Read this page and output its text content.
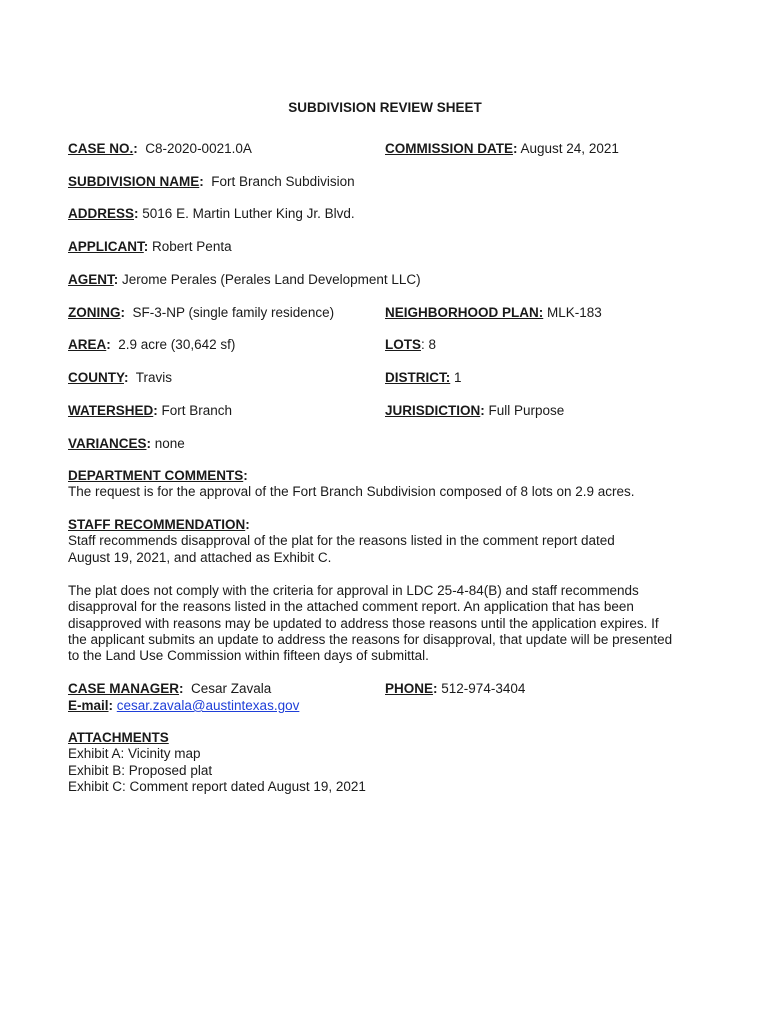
SUBDIVISION REVIEW SHEET
CASE NO.: C8-2020-0021.0A	COMMISSION DATE: August 24, 2021
SUBDIVISION NAME: Fort Branch Subdivision
ADDRESS: 5016 E. Martin Luther King Jr. Blvd.
APPLICANT: Robert Penta
AGENT: Jerome Perales (Perales Land Development LLC)
ZONING: SF-3-NP (single family residence)	NEIGHBORHOOD PLAN: MLK-183
AREA: 2.9 acre (30,642 sf)	LOTS: 8
COUNTY: Travis	DISTRICT: 1
WATERSHED: Fort Branch	JURISDICTION: Full Purpose
VARIANCES: none
DEPARTMENT COMMENTS:
The request is for the approval of the Fort Branch Subdivision composed of 8 lots on 2.9 acres.
STAFF RECOMMENDATION:
Staff recommends disapproval of the plat for the reasons listed in the comment report dated
August 19, 2021, and attached as Exhibit C.
The plat does not comply with the criteria for approval in LDC 25-4-84(B) and staff recommends
disapproval for the reasons listed in the attached comment report. An application that has been
disapproved with reasons may be updated to address those reasons until the application expires. If
the applicant submits an update to address the reasons for disapproval, that update will be presented
to the Land Use Commission within fifteen days of submittal.
CASE MANAGER: Cesar Zavala	PHONE: 512-974-3404
E-mail: cesar.zavala@austintexas.gov
ATTACHMENTS
Exhibit A: Vicinity map
Exhibit B: Proposed plat
Exhibit C: Comment report dated August 19, 2021
